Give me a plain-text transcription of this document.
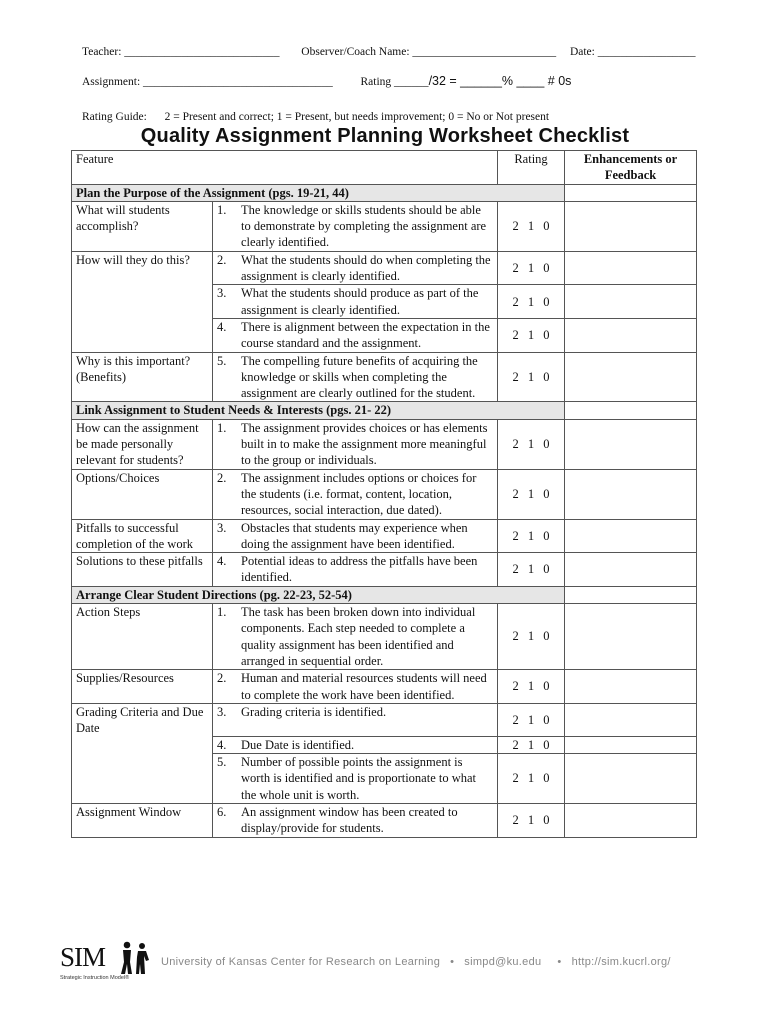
Teacher: ___________________________ Observer/Coach Name: _________________________ Date: _________________
Assignment: _________________________________ Rating ______/32 = ______% ____ # 0s
Rating Guide: 2 = Present and correct; 1 = Present, but needs improvement; 0 = No or Not present
Quality Assignment Planning Worksheet Checklist
Feature		Rating	Enhancements or Feedback
Plan the Purpose of the Assignment (pgs. 19-21, 44)			
What will students accomplish?	1. The knowledge or skills students should be able to demonstrate by completing the assignment are clearly identified.	2 1 0	
How will they do this?	2. What the students should do when completing the assignment is clearly identified.	2 1 0	

	3. What the students should produce as part of the assignment is clearly identified.	2 1 0	

	4. There is alignment between the expectation in the course standard and the assignment.	2 1 0	
Why is this important? (Benefits)	5. The compelling future benefits of acquiring the knowledge or skills when completing the assignment are clearly outlined for the student.	2 1 0	
Link Assignment to Student Needs & Interests (pgs. 21- 22)			
How can the assignment be made personally relevant for students?	1. The assignment provides choices or has elements built in to make the assignment more meaningful to the group or individuals.	2 1 0	
Options/Choices	2. The assignment includes options or choices for the students (i.e. format, content, location, resources, social interaction, due dated).	2 1 0	
Pitfalls to successful completion of the work	3. Obstacles that students may experience when doing the assignment have been identified.	2 1 0	
Solutions to these pitfalls	4. Potential ideas to address the pitfalls have been identified.	2 1 0	
Arrange Clear Student Directions (pg. 22-23, 52-54)			
Action Steps	1. The task has been broken down into individual components. Each step needed to complete a quality assignment has been identified and arranged in sequential order.	2 1 0	
Supplies/Resources	2. Human and material resources students will need to complete the work have been identified.	2 1 0	
Grading Criteria and Due Date	3. Grading criteria is identified.	2 1 0	

	4. Due Date is identified.	2 1 0	

	5. Number of possible points the assignment is worth is identified and is proportionate to what the whole unit is worth.	2 1 0	
Assignment Window	6. An assignment window has been created to display/provide for students.	2 1 0	
SIM
Strategic Instruction Model®
University of Kansas Center for Research on Learning • simpd@ku.edu • http://sim.kucrl.org/
